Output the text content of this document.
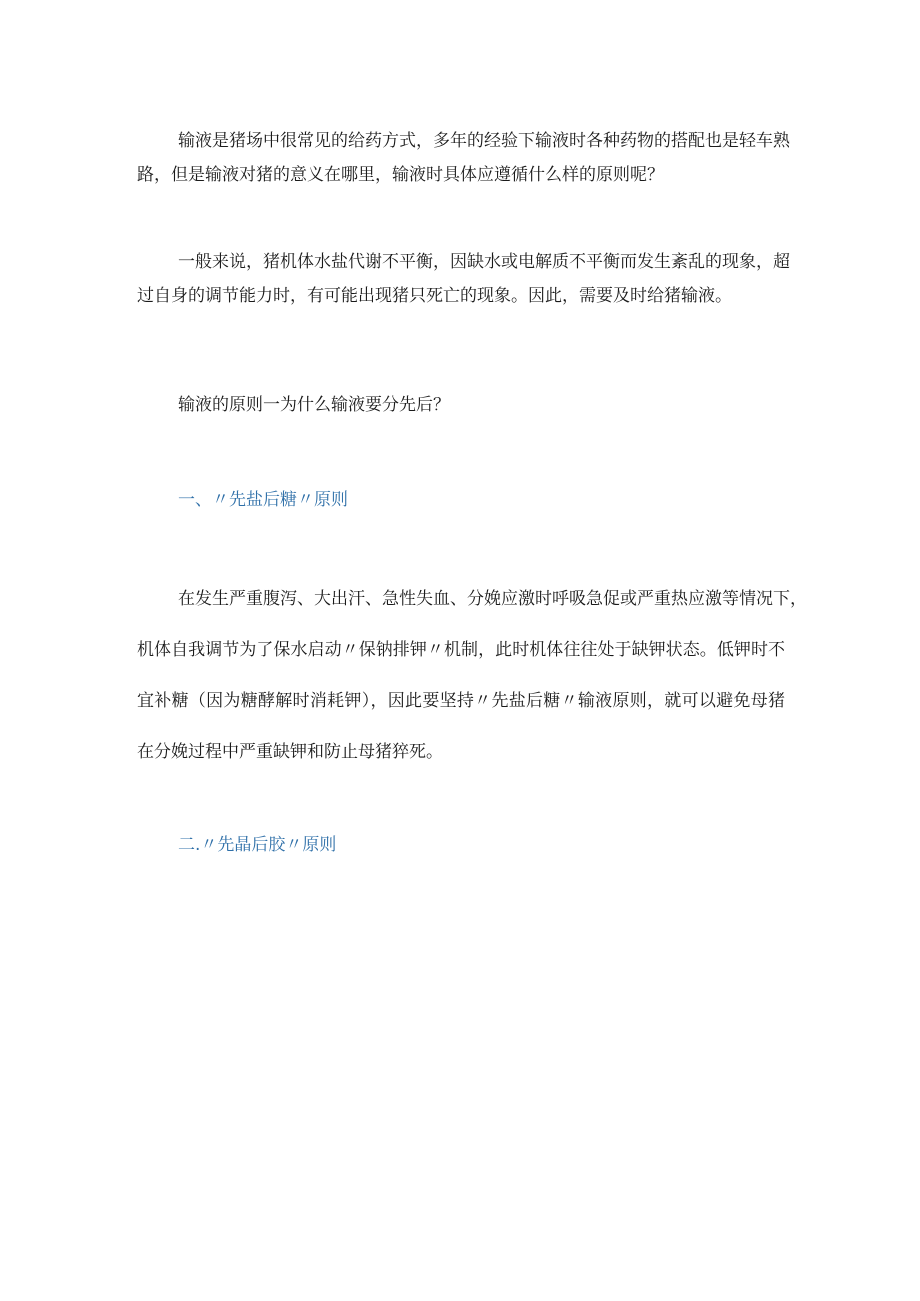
输液是猪场中很常见的给药方式，多年的经验下输液时各种药物的搭配也是轻车熟
路，但是输液对猪的意义在哪里，输液时具体应遵循什么样的原则呢？
一般来说，猪机体水盐代谢不平衡，因缺水或电解质不平衡而发生紊乱的现象，超
过自身的调节能力时，有可能出现猪只死亡的现象。因此，需要及时给猪输液。
输液的原则一为什么输液要分先后？
一、〃先盐后糖〃原则
在发生严重腹泻、大出汗、急性失血、分娩应激时呼吸急促或严重热应激等情况下，
机体自我调节为了保水启动〃保钠排钾〃机制，此时机体往往处于缺钾状态。低钾时不
宜补糖（因为糖酵解时消耗钾），因此要坚持〃先盐后糖〃输液原则，就可以避免母猪
在分娩过程中严重缺钾和防止母猪猝死。
二.〃先晶后胶〃原则
